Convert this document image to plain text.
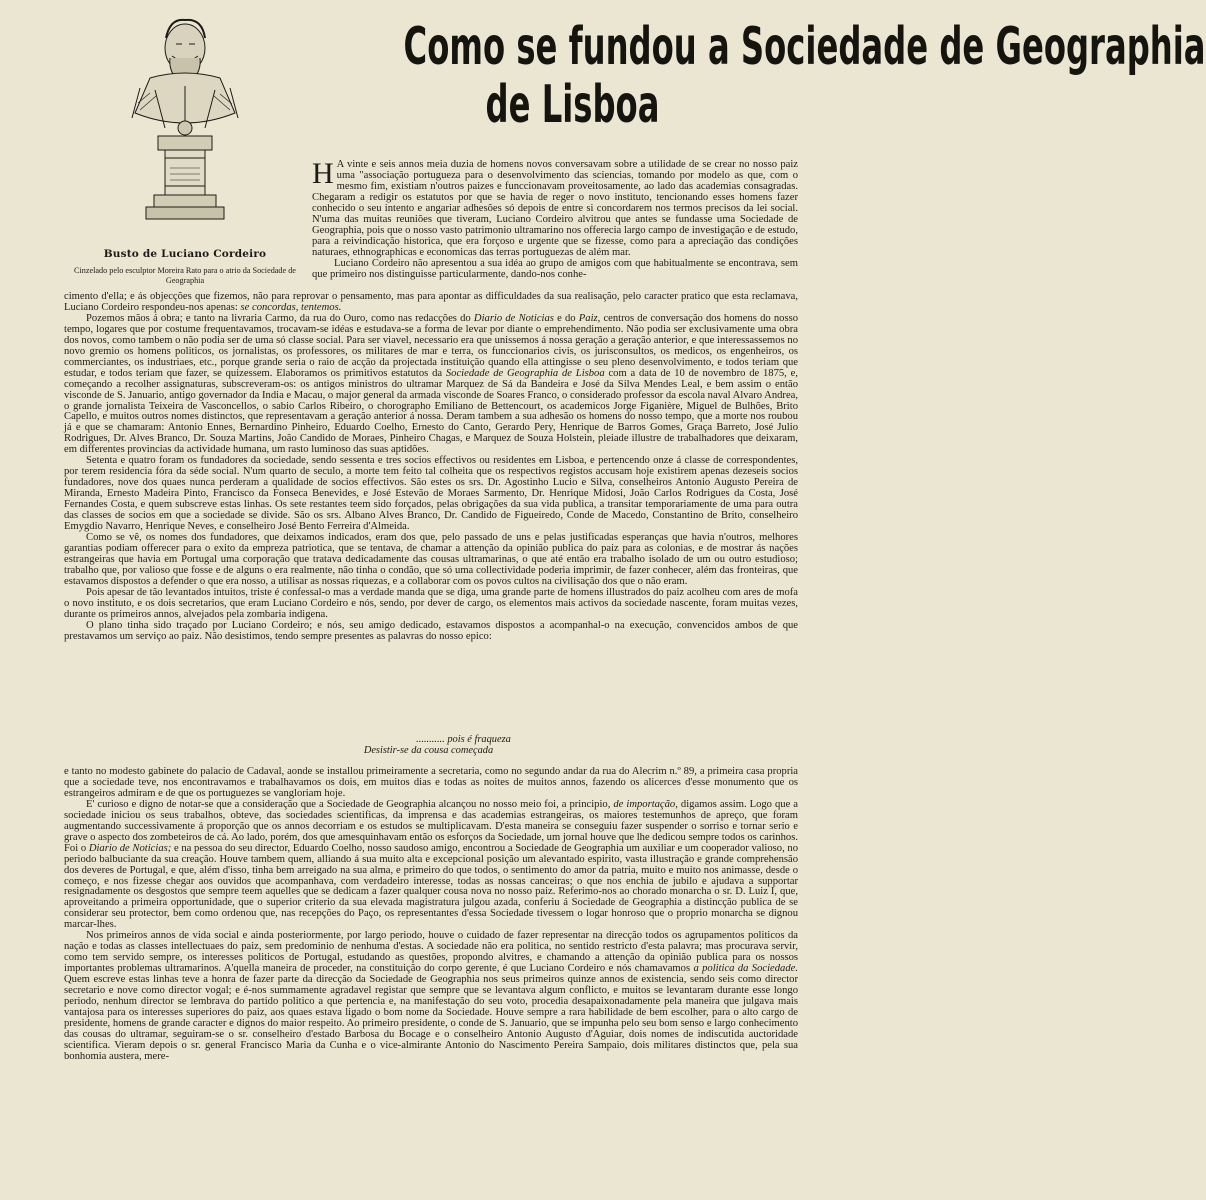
Busto de Luciano Cordeiro
Cinzelado pelo esculptor Moreira Rato para o atrio da Sociedade de Geographia
Como se fundou a Sociedade de Geographia
de Lisboa

H A vinte e seis annos meia duzia de homens novos conversavam sobre a utilidade de se crear no nosso paiz uma "associação portugueza para o desenvolvimento das sciencias, tomando por modelo as que, com o mesmo fim, existiam n'outros paizes e funccionavam proveitosamente, ao lado das academias consagradas. Chegaram a redigir os estatutos por que se havia de reger o novo instituto, tencionando esses homens fazer conhecido o seu intento e angariar adhesões só depois de entre si concordarem nos termos precisos da lei social. N'uma das muitas reuniões que tiveram, Luciano Cordeiro alvitrou que antes se fundasse uma Sociedade de Geographia, pois que o nosso vasto patrimonio ultramarino nos offerecia largo campo de investigação e de estudo, para a reivindicação historica, que era forçoso e urgente que se fizesse, como para a apreciação das condições naturaes, ethnographicas e economicas das terras portuguezas de além mar.

Luciano Cordeiro não apresentou a sua idéa ao grupo de amigos com que habitualmente se encontrava, sem que primeiro nos distinguisse particularmente, dando-nos conhe-

cimento d'ella; e ás objecções que fizemos, não para reprovar o pensamento, mas para apontar as difficuldades da sua realisação, pelo caracter pratico que esta reclamava, Luciano Cordeiro respondeu-nos apenas: se concordas, tentemos.

Pozemos mãos á obra; e tanto na livraria Carmo, da rua do Ouro, como nas redacções do Diario de Noticias e do Paiz, centros de conversação dos homens do nosso tempo, logares que por costume frequentavamos, trocavam-se idéas e estudava-se a forma de levar por diante o emprehendimento. Não podia ser exclusivamente uma obra dos novos, como tambem o não podia ser de uma só classe social. Para ser viavel, necessario era que unissemos á nossa geração a geração anterior, e que interessassemos no novo gremio os homens politicos, os jornalistas, os professores, os militares de mar e terra, os funccionarios civis, os jurisconsultos, os medicos, os engenheiros, os commerciantes, os industriaes, etc., porque grande seria o raio de acção da projectada instituição quando ella attingisse o seu pleno desenvolvimento, e todos teriam que estudar, e todos teriam que fazer, se quizessem. Elaboramos os primitivos estatutos da Sociedade de Geographia de Lisboa com a data de 10 de novembro de 1875, e, começando a recolher assignaturas, subscreveram-os: os antigos ministros do ultramar Marquez de Sá da Bandeira e José da Silva Mendes Leal, e bem assim o então visconde de S. Januario, antigo governador da India e Macau, o major general da armada visconde de Soares Franco, o considerado professor da escola naval Alvaro Andrea, o grande jornalista Teixeira de Vasconcellos, o sabio Carlos Ribeiro, o chorographo Emiliano de Bettencourt, os academicos Jorge Figanière, Miguel de Bulhões, Brito Capello, e muitos outros nomes distinctos, que representavam a geração anterior á nossa. Deram tambem a sua adhesão os homens do nosso tempo, que a morte nos roubou já e que se chamaram: Antonio Ennes, Bernardino Pinheiro, Eduardo Coelho, Ernesto do Canto, Gerardo Pery, Henrique de Barros Gomes, Graça Barreto, José Julio Rodrigues, Dr. Alves Branco, Dr. Souza Martins, João Candido de Moraes, Pinheiro Chagas, e Marquez de Souza Holstein, pleiade illustre de trabalhadores que deixaram, em differentes provincias da actividade humana, um rasto luminoso das suas aptidões.

Setenta e quatro foram os fundadores da sociedade, sendo sessenta e tres socios effectivos ou residentes em Lisboa, e pertencendo onze á classe de correspondentes, por terem residencia fóra da séde social. N'um quarto de seculo, a morte tem feito tal colheita que os respectivos registos accusam hoje existirem apenas dezeseis socios fundadores, nove dos quaes nunca perderam a qualidade de socios effectivos. São estes os srs. Dr. Agostinho Lucio e Silva, conselheiros Antonio Augusto Pereira de Miranda, Ernesto Madeira Pinto, Francisco da Fonseca Benevides, e José Estevão de Moraes Sarmento, Dr. Henrique Midosi, João Carlos Rodrigues da Costa, José Fernandes Costa, e quem subscreve estas linhas. Os sete restantes teem sido forçados, pelas obrigações da sua vida publica, a transitar temporariamente de uma para outra das classes de socios em que a sociedade se divide. São os srs. Albano Alves Branco, Dr. Candido de Figueiredo, Conde de Macedo, Constantino de Brito, conselheiro Emygdio Navarro, Henrique Neves, e conselheiro José Bento Ferreira d'Almeida.

Como se vê, os nomes dos fundadores, que deixamos indicados, eram dos que, pelo passado de uns e pelas justificadas esperanças que havia n'outros, melhores garantias podiam offerecer para o exito da empreza patriotica, que se tentava, de chamar a attenção da opinião publica do paiz para as colonias, e de mostrar ás nações estrangeiras que havia em Portugal uma corporação que tratava dedicadamente das cousas ultramarinas, o que até então era trabalho isolado de um ou outro estudioso; trabalho que, por valioso que fosse e de alguns o era realmente, não tinha o condão, que só uma collectividade poderia imprimir, de fazer conhecer, além das fronteiras, que estavamos dispostos a defender o que era nosso, a utilisar as nossas riquezas, e a collaborar com os povos cultos na civilisação dos que o não eram.

Pois apesar de tão levantados intuitos, triste é confessal-o mas a verdade manda que se diga, uma grande parte de homens illustrados do paiz acolheu com ares de mofa o novo instituto, e os dois secretarios, que eram Luciano Cordeiro e nós, sendo, por dever de cargo, os elementos mais activos da sociedade nascente, foram muitas vezes, durante os primeiros annos, alvejados pela zombaria indigena.

O plano tinha sido traçado por Luciano Cordeiro; e nós, seu amigo dedicado, estavamos dispostos a acompanhal-o na execução, convencidos ambos de que prestavamos um serviço ao paiz. Não desistimos, tendo sempre presentes as palavras do nosso epico:

........... pois é fraqueza
Desistir-se da cousa começada

e tanto no modesto gabinete do palacio de Cadaval, aonde se installou primeiramente a secretaria, como no segundo andar da rua do Alecrim n.º 89, a primeira casa propria que a sociedade teve, nos encontravamos e trabalhavamos os dois, em muitos dias e todas as noites de muitos annos, fazendo os alicerces d'esse monumento que os estrangeiros admiram e de que os portuguezes se vangloriam hoje.

E' curioso e digno de notar-se que a consideração que a Sociedade de Geographia alcançou no nosso meio foi, a principio, de importação, digamos assim. Logo que a sociedade iniciou os seus trabalhos, obteve, das sociedades scientificas, da imprensa e das academias estrangeiras, os maiores testemunhos de apreço, que foram augmentando successivamente á proporção que os annos decorriam e os estudos se multiplicavam. D'esta maneira se conseguiu fazer suspender o sorriso e tornar serio e grave o aspecto dos zombeteiros de cá. Ao lado, porém, dos que amesquinhavam então os esforços da Sociedade, um jornal houve que lhe dedicou sempre todos os carinhos. Foi o Diario de Noticias; e na pessoa do seu director, Eduardo Coelho, nosso saudoso amigo, encontrou a Sociedade de Geographia um auxiliar e um cooperador valioso, no periodo balbuciante da sua creação. Houve tambem quem, alliando á sua muito alta e excepcional posição um alevantado espirito, vasta illustração e grande comprehensão dos deveres de Portugal, e que, além d'isso, tinha bem arreigado na sua alma, e primeiro do que todos, o sentimento do amor da patria, muito e muito nos animasse, desde o começo, e nos fizesse chegar aos ouvidos que acompanhava, com verdadeiro interesse, todas as nossas canceiras; o que nos enchia de jubilo e ajudava a supportar resignadamente os desgostos que sempre teem aquelles que se dedicam a fazer qualquer cousa nova no nosso paiz. Referimo-nos ao chorado monarcha o sr. D. Luiz I, que, aproveitando a primeira opportunidade, que o superior criterio da sua elevada magistratura julgou azada, conferiu á Sociedade de Geographia a distincção publica de se considerar seu protector, bem como ordenou que, nas recepções do Paço, os representantes d'essa Sociedade tivessem o logar honroso que o proprio monarcha se dignou marcar-lhes.

Nos primeiros annos de vida social e ainda posteriormente, por largo periodo, houve o cuidado de fazer representar na direcção todos os agrupamentos politicos da nação e todas as classes intellectuaes do paiz, sem predominio de nenhuma d'estas. A sociedade não era politica, no sentido restricto d'esta palavra; mas procurava servir, como tem servido sempre, os interesses politicos de Portugal, estudando as questões, propondo alvitres, e chamando a attenção da opinião publica para os nossos importantes problemas ultramarinos. A'quella maneira de proceder, na constituição do corpo gerente, é que Luciano Cordeiro e nós chamavamos a politica da Sociedade. Quem escreve estas linhas teve a honra de fazer parte da direcção da Sociedade de Geographia nos seus primeiros quinze annos de existencia, sendo seis como director secretario e nove como director vogal; e é-nos summamente agradavel registar que sempre que se levantava algum conflicto, e muitos se levantaram durante esse longo periodo, nenhum director se lembrava do partido politico a que pertencia e, na manifestação do seu voto, procedia desapaixonadamente pela maneira que julgava mais vantajosa para os interesses superiores do paiz, aos quaes estava ligado o bom nome da Sociedade. Houve sempre a rara habilidade de bem escolher, para o alto cargo de presidente, homens de grande caracter e dignos do maior respeito. Ao primeiro presidente, o conde de S. Januario, que se impunha pelo seu bom senso e largo conhecimento das cousas do ultramar, seguiram-se o sr. conselheiro d'estado Barbosa du Bocage e o conselheiro Antonio Augusto d'Aguiar, dois nomes de indiscutida auctoridade scientifica. Vieram depois o sr. general Francisco Maria da Cunha e o vice-almirante Antonio do Nascimento Pereira Sampaio, dois militares distinctos que, pela sua bonhomia austera, mere-
